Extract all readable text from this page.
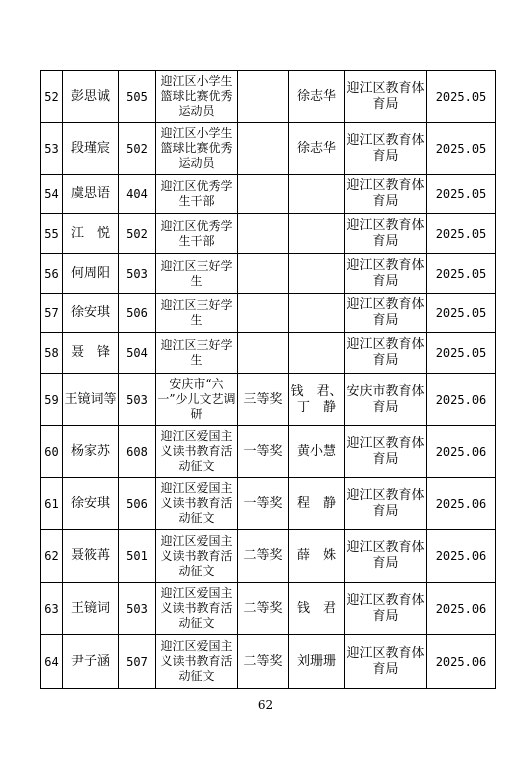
52	彭思诚	505	迎江区小学生篮球比赛优秀运动员		徐志华	迎江区教育体育局	2025.05
53	段瑾宸	502	迎江区小学生篮球比赛优秀运动员		徐志华	迎江区教育体育局	2025.05
54	虞思语	404	迎江区优秀学生干部			迎江区教育体育局	2025.05
55	江　悦	502	迎江区优秀学生干部			迎江区教育体育局	2025.05
56	何周阳	503	迎江区三好学生			迎江区教育体育局	2025.05
57	徐安琪	506	迎江区三好学生			迎江区教育体育局	2025.05
58	聂　锋	504	迎江区三好学生			迎江区教育体育局	2025.05
59	王镜词等	503	安庆市“六一”少儿文艺调研	三等奖	钱　君、丁　静	安庆市教育体育局	2025.06
60	杨家苏	608	迎江区爱国主义读书教育活动征文	一等奖	黄小慧	迎江区教育体育局	2025.06
61	徐安琪	506	迎江区爱国主义读书教育活动征文	一等奖	程　静	迎江区教育体育局	2025.06
62	聂筱苒	501	迎江区爱国主义读书教育活动征文	二等奖	薛　姝	迎江区教育体育局	2025.06
63	王镜词	503	迎江区爱国主义读书教育活动征文	二等奖	钱　君	迎江区教育体育局	2025.06
64	尹子涵	507	迎江区爱国主义读书教育活动征文	二等奖	刘珊珊	迎江区教育体育局	2025.06
62
